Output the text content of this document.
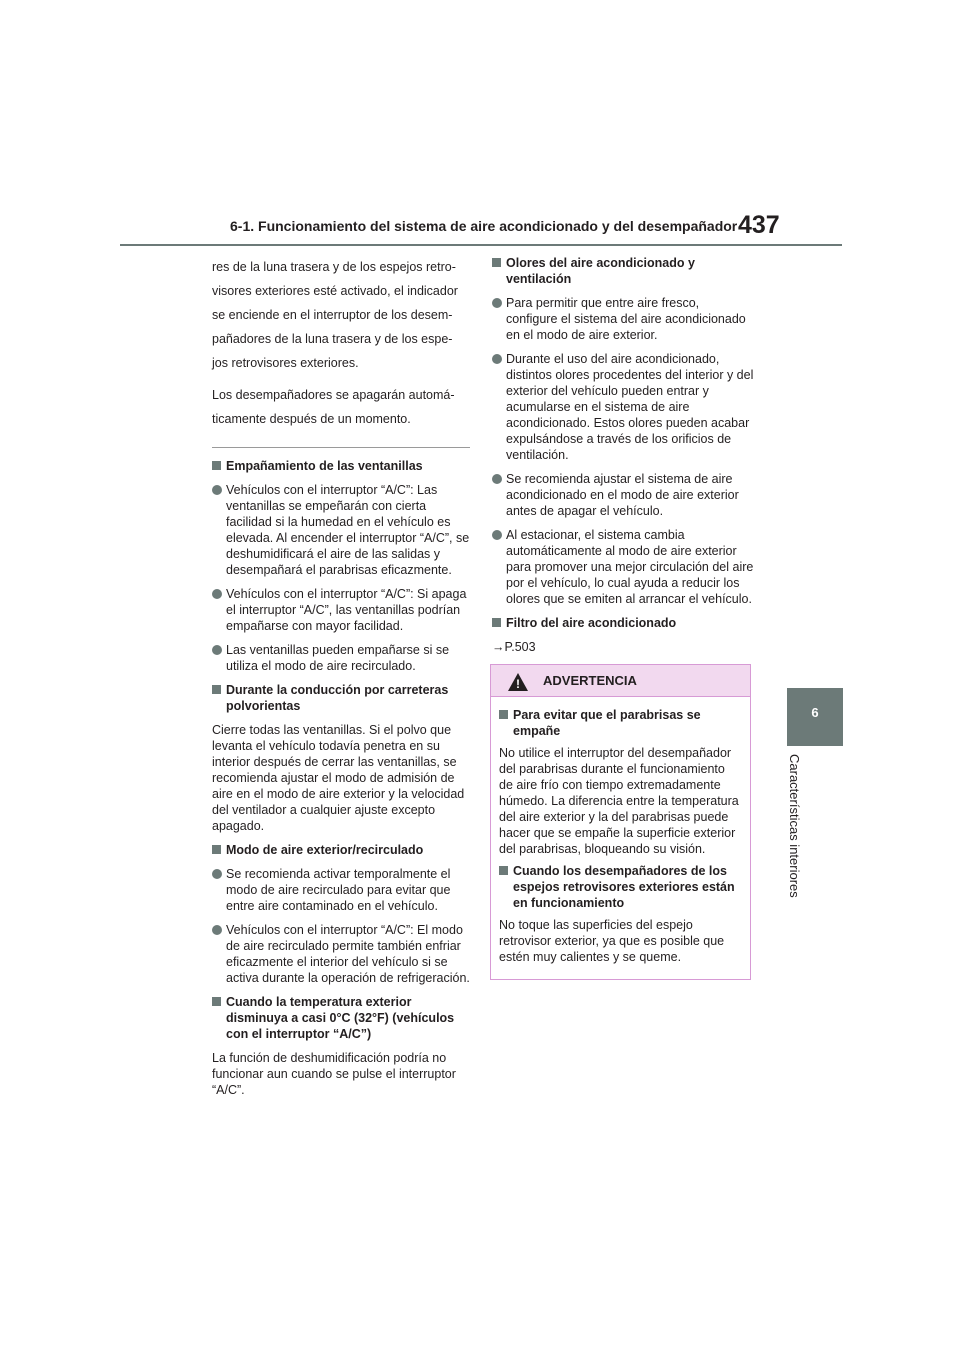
6-1. Funcionamiento del sistema de aire acondicionado y del desempañador 437
6
Características interiores
res de la luna trasera y de los espejos retro-
visores exteriores esté activado, el indicador
se enciende en el interruptor de los desem-
pañadores de la luna trasera y de los espe-
jos retrovisores exteriores.
Los desempañadores se apagarán automá-
ticamente después de un momento.
Empañamiento de las ventanillas
Vehículos con el interruptor “A/C”: Las ventanillas se empeñarán con cierta facilidad si la humedad en el vehículo es elevada. Al encender el interruptor “A/C”, se deshumidificará el aire de las salidas y desempañará el parabrisas eficazmente.
Vehículos con el interruptor “A/C”: Si apaga el interruptor “A/C”, las ventanillas podrían empañarse con mayor facilidad.
Las ventanillas pueden empañarse si se utiliza el modo de aire recirculado.
Durante la conducción por carreteras polvorientas
Cierre todas las ventanillas. Si el polvo que levanta el vehículo todavía penetra en su interior después de cerrar las ventanillas, se recomienda ajustar el modo de admisión de aire en el modo de aire exterior y la velocidad del ventilador a cualquier ajuste excepto apagado.
Modo de aire exterior/recirculado
Se recomienda activar temporalmente el modo de aire recirculado para evitar que entre aire contaminado en el vehículo.
Vehículos con el interruptor “A/C”: El modo de aire recirculado permite también enfriar eficazmente el interior del vehículo si se activa durante la operación de refrigeración.
Cuando la temperatura exterior disminuya a casi 0°C (32°F) (vehículos con el interruptor “A/C”)
La función de deshumidificación podría no funcionar aun cuando se pulse el interruptor “A/C”.
Olores del aire acondicionado y ventilación
Para permitir que entre aire fresco, configure el sistema del aire acondicionado en el modo de aire exterior.
Durante el uso del aire acondicionado, distintos olores procedentes del interior y del exterior del vehículo pueden entrar y acumularse en el sistema de aire acondicionado. Estos olores pueden acabar expulsándose a través de los orificios de ventilación.
Se recomienda ajustar el sistema de aire acondicionado en el modo de aire exterior antes de apagar el vehículo.
Al estacionar, el sistema cambia automáticamente al modo de aire exterior para promover una mejor circulación del aire por el vehículo, lo cual ayuda a reducir los olores que se emiten al arrancar el vehículo.
Filtro del aire acondicionado
→P.503
!
ADVERTENCIA
Para evitar que el parabrisas se empañe
No utilice el interruptor del desempañador del parabrisas durante el funcionamiento de aire frío con tiempo extremadamente húmedo. La diferencia entre la temperatura del aire exterior y la del parabrisas puede hacer que se empañe la superficie exterior del parabrisas, bloqueando su visión.
Cuando los desempañadores de los espejos retrovisores exteriores están en funcionamiento
No toque las superficies del espejo retrovisor exterior, ya que es posible que estén muy calientes y se queme.
